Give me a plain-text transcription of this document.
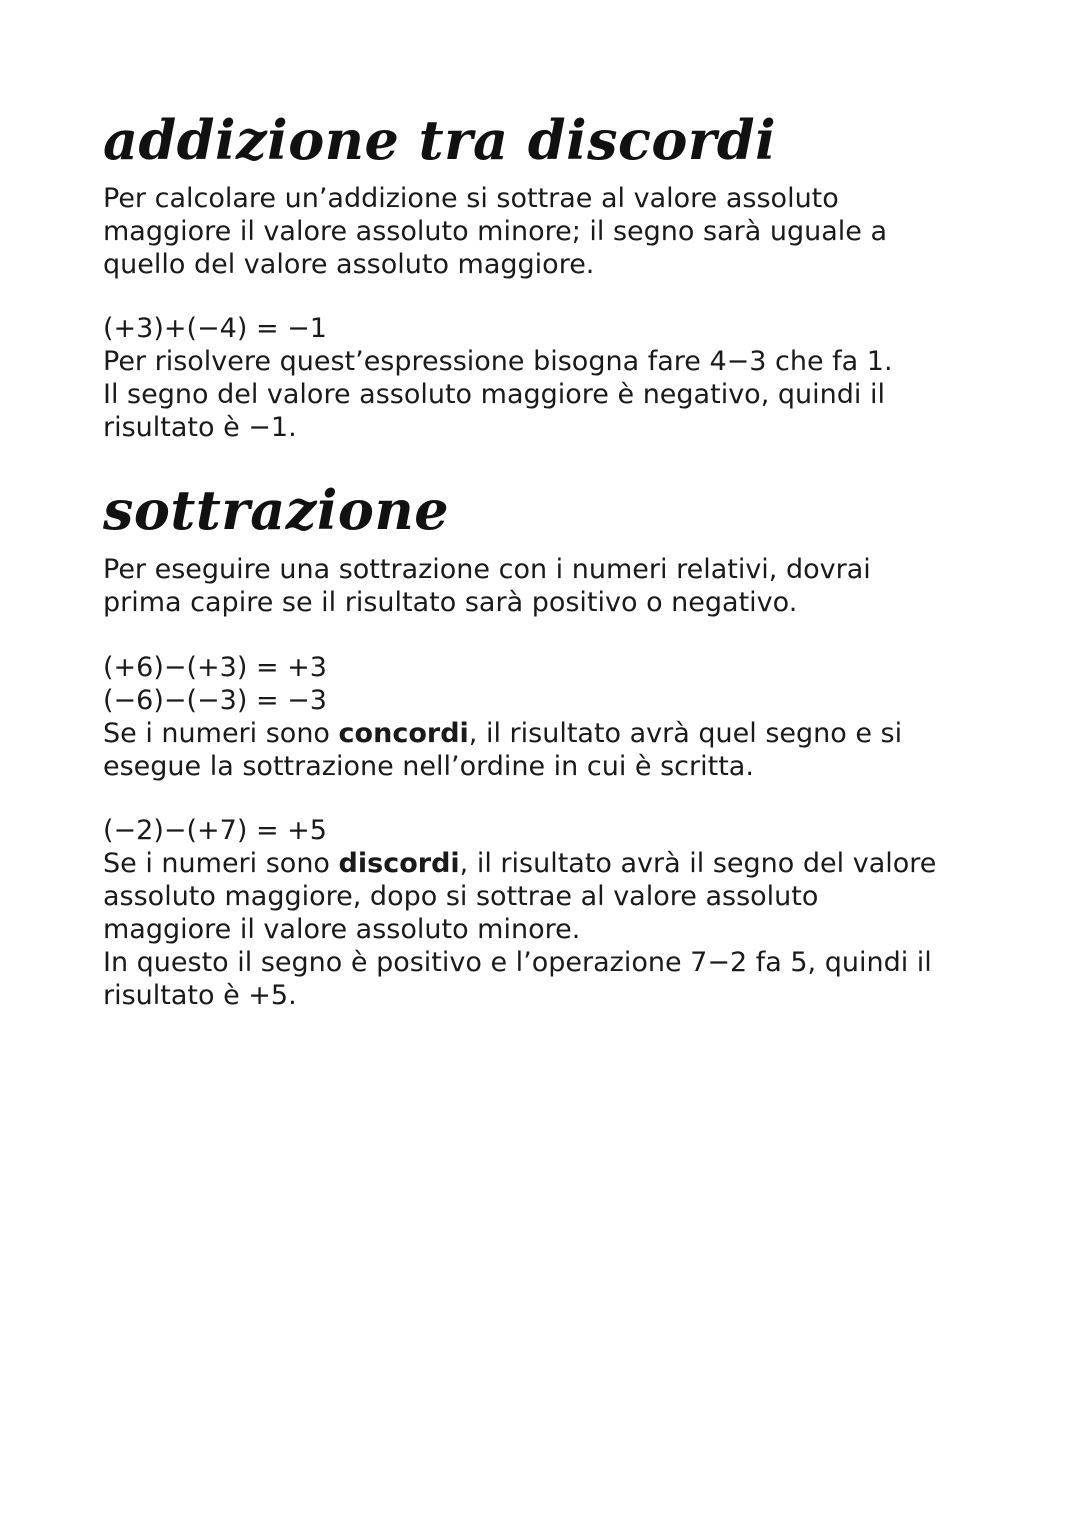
addizione tra discordi

Per calcolare un’addizione si sottrae al valore assoluto
maggiore il valore assoluto minore; il segno sarà uguale a
quello del valore assoluto maggiore.

(+3)+(−4) = −1
Per risolvere quest’espressione bisogna fare 4−3 che fa 1.
Il segno del valore assoluto maggiore è negativo, quindi il
risultato è −1.

sottrazione

Per eseguire una sottrazione con i numeri relativi, dovrai
prima capire se il risultato sarà positivo o negativo.

(+6)−(+3) = +3
(−6)−(−3) = −3
Se i numeri sono concordi, il risultato avrà quel segno e si
esegue la sottrazione nell’ordine in cui è scritta.

(−2)−(+7) = +5
Se i numeri sono discordi, il risultato avrà il segno del valore
assoluto maggiore, dopo si sottrae al valore assoluto
maggiore il valore assoluto minore.
In questo il segno è positivo e l’operazione 7−2 fa 5, quindi il
risultato è +5.
